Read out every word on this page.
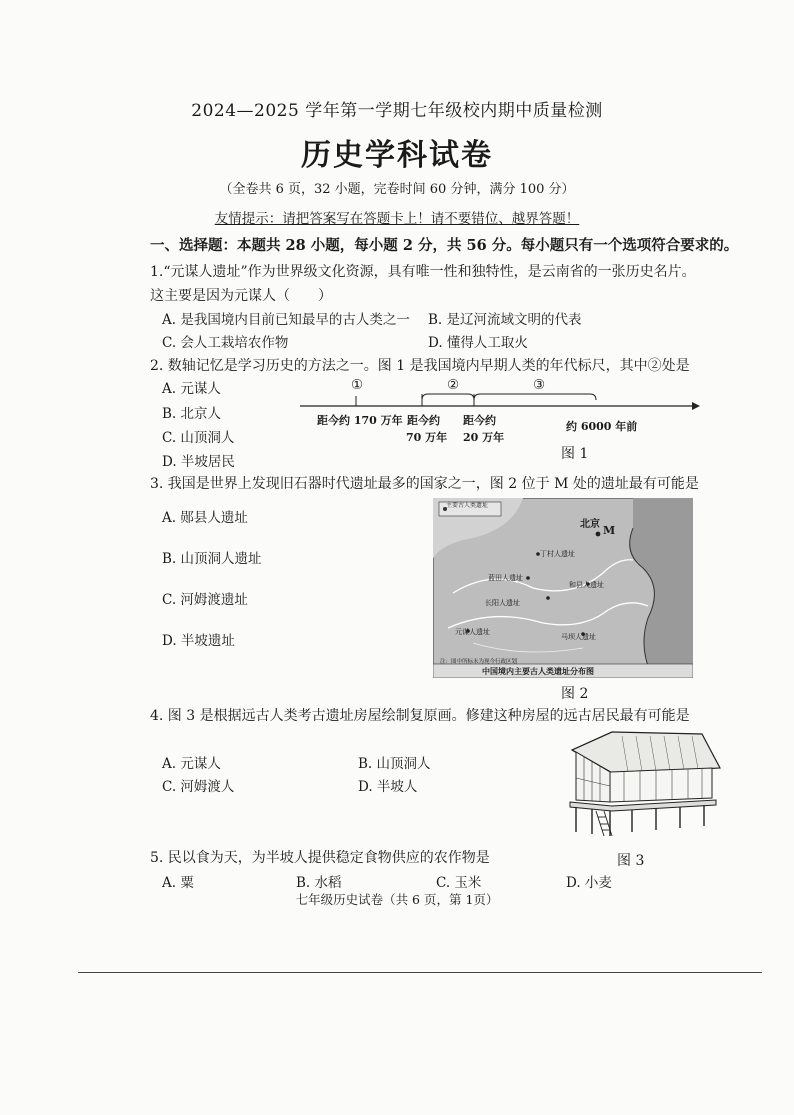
2024—2025 学年第一学期七年级校内期中质量检测
历史学科试卷
（全卷共 6 页，32 小题，完卷时间 60 分钟，满分 100 分）
友情提示：请把答案写在答题卡上！请不要错位、越界答题！
一、选择题：本题共 28 小题，每小题 2 分，共 56 分。每小题只有一个选项符合要求的。
1.“元谋人遗址”作为世界级文化资源，具有唯一性和独特性，是云南省的一张历史名片。
这主要是因为元谋人（　　）
A. 是我国境内目前已知最早的古人类之一 B. 是辽河流域文明的代表
C. 会人工栽培农作物	D. 懂得人工取火
2. 数轴记忆是学习历史的方法之一。图 1 是我国境内早期人类的年代标尺，其中②处是
A. 元谋人
B. 北京人
C. 山顶洞人
D. 半坡居民
①	②	③
距今约 170 万年 距今约
70 万年
距今约
20 万年
约 6000 年前
图 1
3. 我国是世界上发现旧石器时代遗址最多的国家之一，图 2 位于 M 处的遗址最有可能是
A. 郧县人遗址
B. 山顶洞人遗址
C. 河姆渡遗址
D. 半坡遗址
主要古人类遗址
北京 M
丁村人遗址
蓝田人遗址
和县人遗址
长阳人遗址
元谋人遗址
马坝人遗址
注：图中所标未为现今行政区划
中国境内主要古人类遗址分布图
图 2
4. 图 3 是根据远古人类考古遗址房屋绘制复原画。修建这种房屋的远古居民最有可能是
A. 元谋人	B. 山顶洞人
C. 河姆渡人	D. 半坡人
图 3
5. 民以食为天，为半坡人提供稳定食物供应的农作物是
A. 粟	B. 水稻	C. 玉米	D. 小麦
七年级历史试卷（共 6 页，第 1页）
